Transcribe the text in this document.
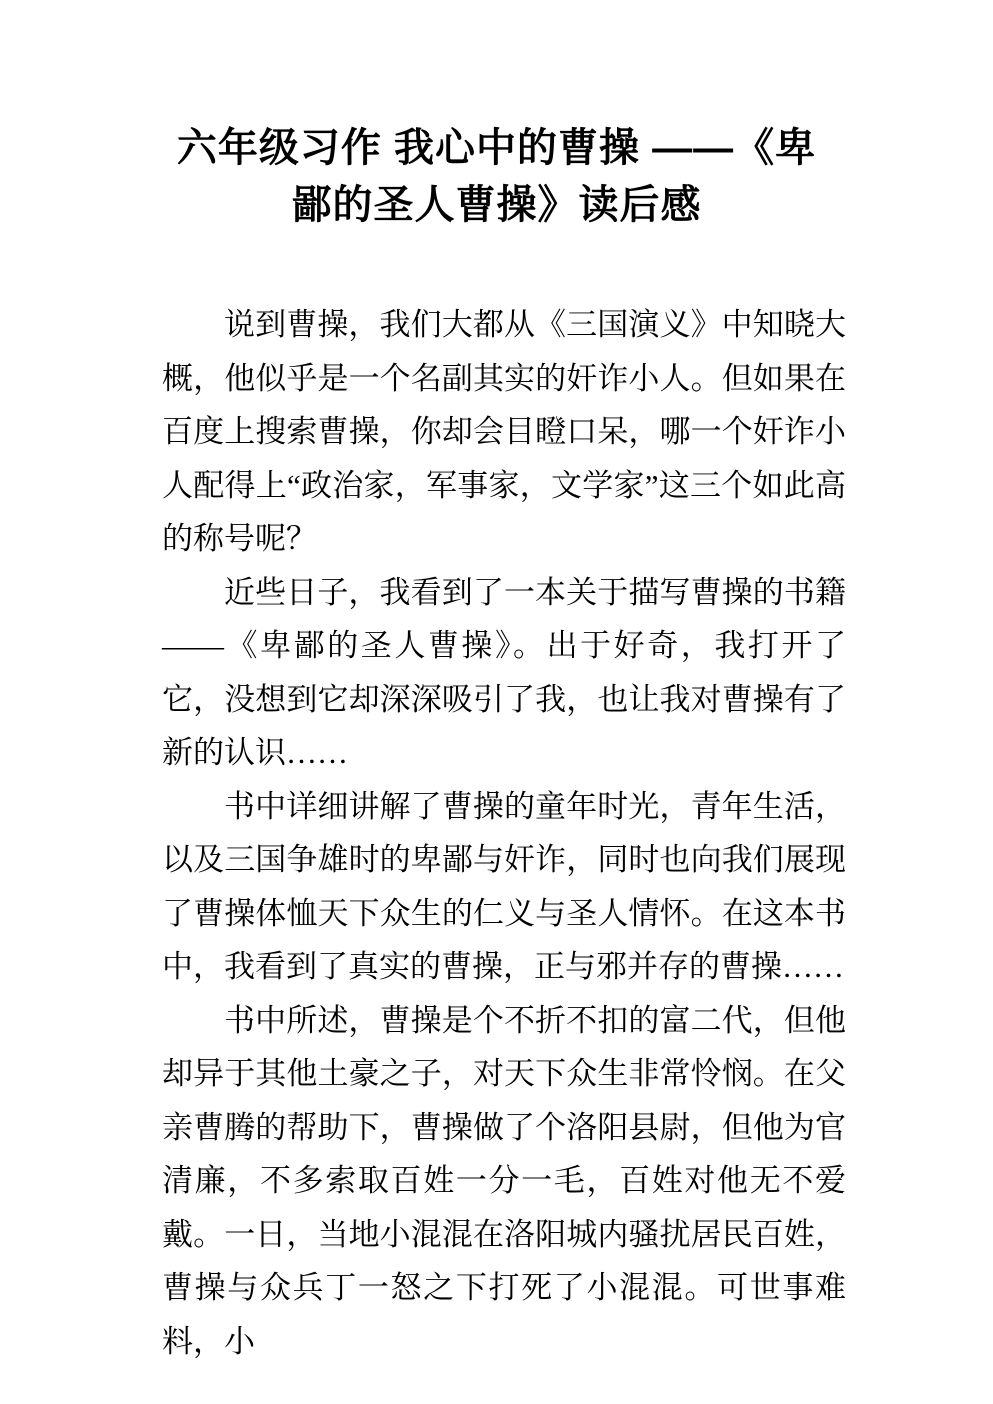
六年级习作 我心中的曹操 ——《卑
鄙的圣人曹操》读后感

说到曹操，我们大都从《三国演义》中知晓大概，他似乎是一个名副其实的奸诈小人。但如果在百度上搜索曹操，你却会目瞪口呆，哪一个奸诈小人配得上“政治家，军事家，文学家”这三个如此高的称号呢？

近些日子，我看到了一本关于描写曹操的书籍——《卑鄙的圣人曹操》。出于好奇，我打开了它，没想到它却深深吸引了我，也让我对曹操有了新的认识……

书中详细讲解了曹操的童年时光，青年生活，以及三国争雄时的卑鄙与奸诈，同时也向我们展现了曹操体恤天下众生的仁义与圣人情怀。在这本书中，我看到了真实的曹操，正与邪并存的曹操……

书中所述，曹操是个不折不扣的富二代，但他却异于其他土豪之子，对天下众生非常怜悯。在父亲曹腾的帮助下，曹操做了个洛阳县尉，但他为官清廉，不多索取百姓一分一毛，百姓对他无不爱戴。一日，当地小混混在洛阳城内骚扰居民百姓，曹操与众兵丁一怒之下打死了小混混。可世事难料，小
